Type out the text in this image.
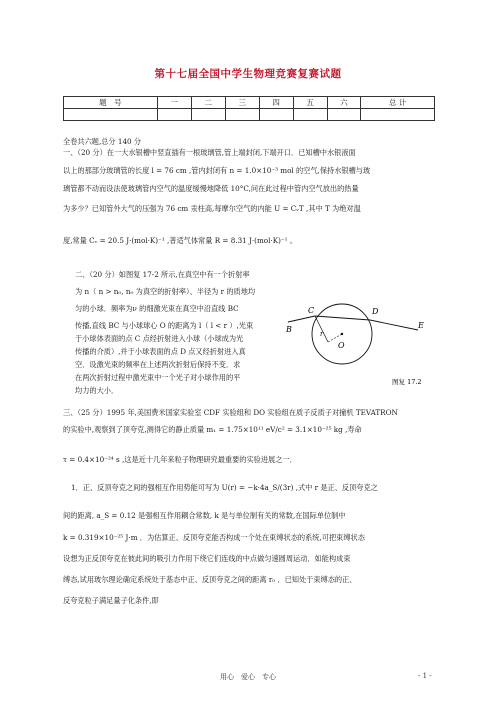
第十七届全国中学生物理竞赛复赛试题
题　号	一	二	三	四	五	六	总 计

全卷共六题,总分 140 分
一、（20 分）在一大水银槽中竖直插有一根玻璃管,管上端封闭,下端开口．已知槽中水银液面
以上的那部分玻璃管的长度 l = 76 cm ,管内封闭有 n = 1.0×10⁻³ mol 的空气,保持水银槽与玻
璃管都不动而设法使玻璃管内空气的温度缓慢地降低 10°C,问在此过程中管内空气放出的热量
为多少？已知管外大气的压强为 76 cm 汞柱高,每摩尔空气的内能 U = CᵥT ,其中 T 为绝对温
度,常量 Cᵥ = 20.5 J·(mol·K)⁻¹ ,普适气体常量 R = 8.31 J·(mol·K)⁻¹ 。
二、（20 分）如图复 17-2 所示,在真空中有一个折射率
为 n（ n > n₀, n₀ 为真空的折射率）、半径为 r 的质地均
匀的小球．频率为ν 的细激光束在真空中沿直线 BC
传播,直线 BC 与小球球心 O 的距离为 l（ l < r ）,光束
于小球体表面的点 C 点经折射进入小球（小球成为光
传播的介质）,并于小球表面的点 D 点又经折射进入真
空．设激光束的频率在上述两次折射后保持不变．求
在两次折射过程中激光束中一个光子对小球作用的平
均力的大小．
B
C	D
E
O
r
图复 17.2
三、（25 分）1995 年,美国费米国家实验室 CDF 实验组和 DO 实验组在质子反质子对撞机 TEVATRON
的实验中,观察到了顶夸克,测得它的静止质量 m₁ = 1.75×10¹¹ eV/c² = 3.1×10⁻²⁵ kg ,寿命
τ = 0.4×10⁻²⁴ s ,这是近十几年来粒子物理研究最重要的实验进展之一．
1．正、反顶夸克之间的强相互作用势能可写为 U(r) = −k·4a_S/(3r) ,式中 r 是正、反顶夸克之
间的距离, a_S = 0.12 是强相互作用耦合常数, k 是与单位制有关的常数,在国际单位制中
k = 0.319×10⁻²⁵ J·m ．为估算正、反顶夸克能否构成一个处在束缚状态的系统,可把束缚状态
设想为正反顶夸克在彼此间的吸引力作用下绕它们连线的中点做匀速圆周运动．如能构成束
缚态,试用玻尔理论确定系统处于基态中正、反顶夸克之间的距离 r₀ ．已知处于束缚态的正、
反夸克粒子满足量子化条件,即
用心　爱心　专心	- 1 -
